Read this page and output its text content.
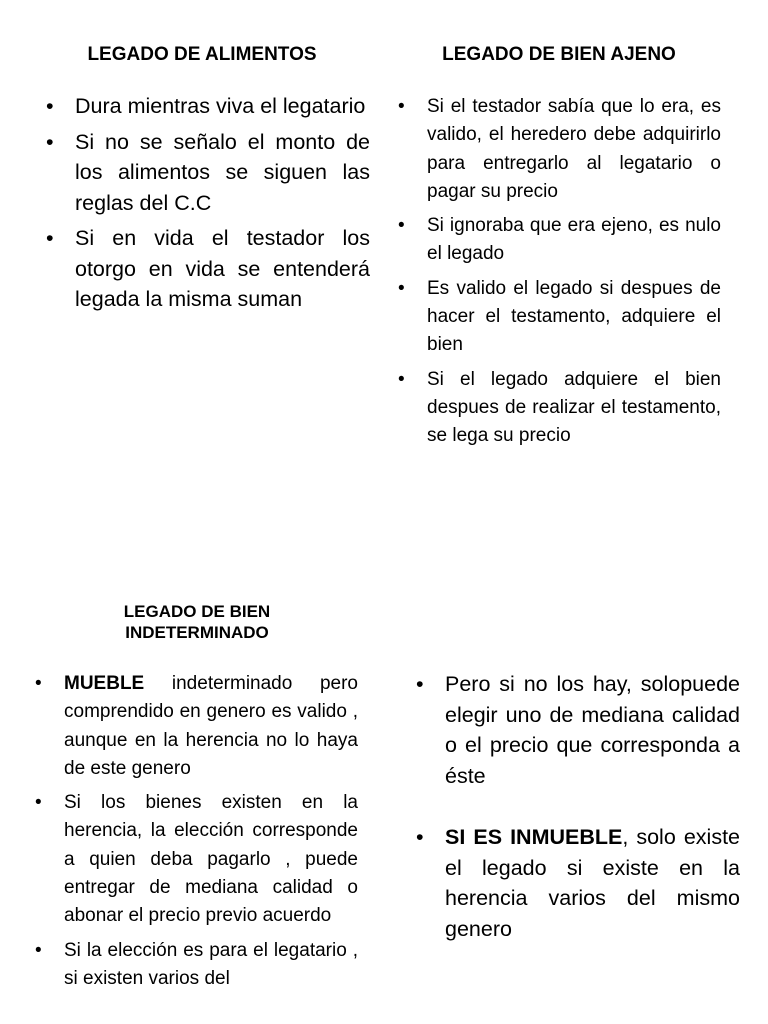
LEGADO DE ALIMENTOS
• Dura mientras viva el legatario
• Si no se señalo el monto de los alimentos se siguen las reglas del C.C
• Si en vida el testador los otorgo en vida se entenderá legada la misma suman
LEGADO DE BIEN AJENO
• Si el testador sabía que lo era, es valido, el heredero debe adquirirlo para entregarlo al legatario o pagar su precio
• Si ignoraba que era ejeno, es nulo el legado
• Es valido el legado si despues de hacer el testamento, adquiere el bien
• Si el legado adquiere el bien despues de realizar el testamento, se lega su precio
LEGADO DE BIEN
INDETERMINADO
• MUEBLE indeterminado pero comprendido en genero es valido , aunque en la herencia no lo haya de este genero
• Si los bienes existen en la herencia, la elección corresponde a quien deba pagarlo , puede entregar de mediana calidad o abonar el precio previo acuerdo
• Si la elección es para el legatario , si existen varios del
• Pero si no los hay, solopuede elegir uno de mediana calidad o el precio que corresponda a éste
• SI ES INMUEBLE, solo existe el legado si existe en la herencia varios del mismo genero
